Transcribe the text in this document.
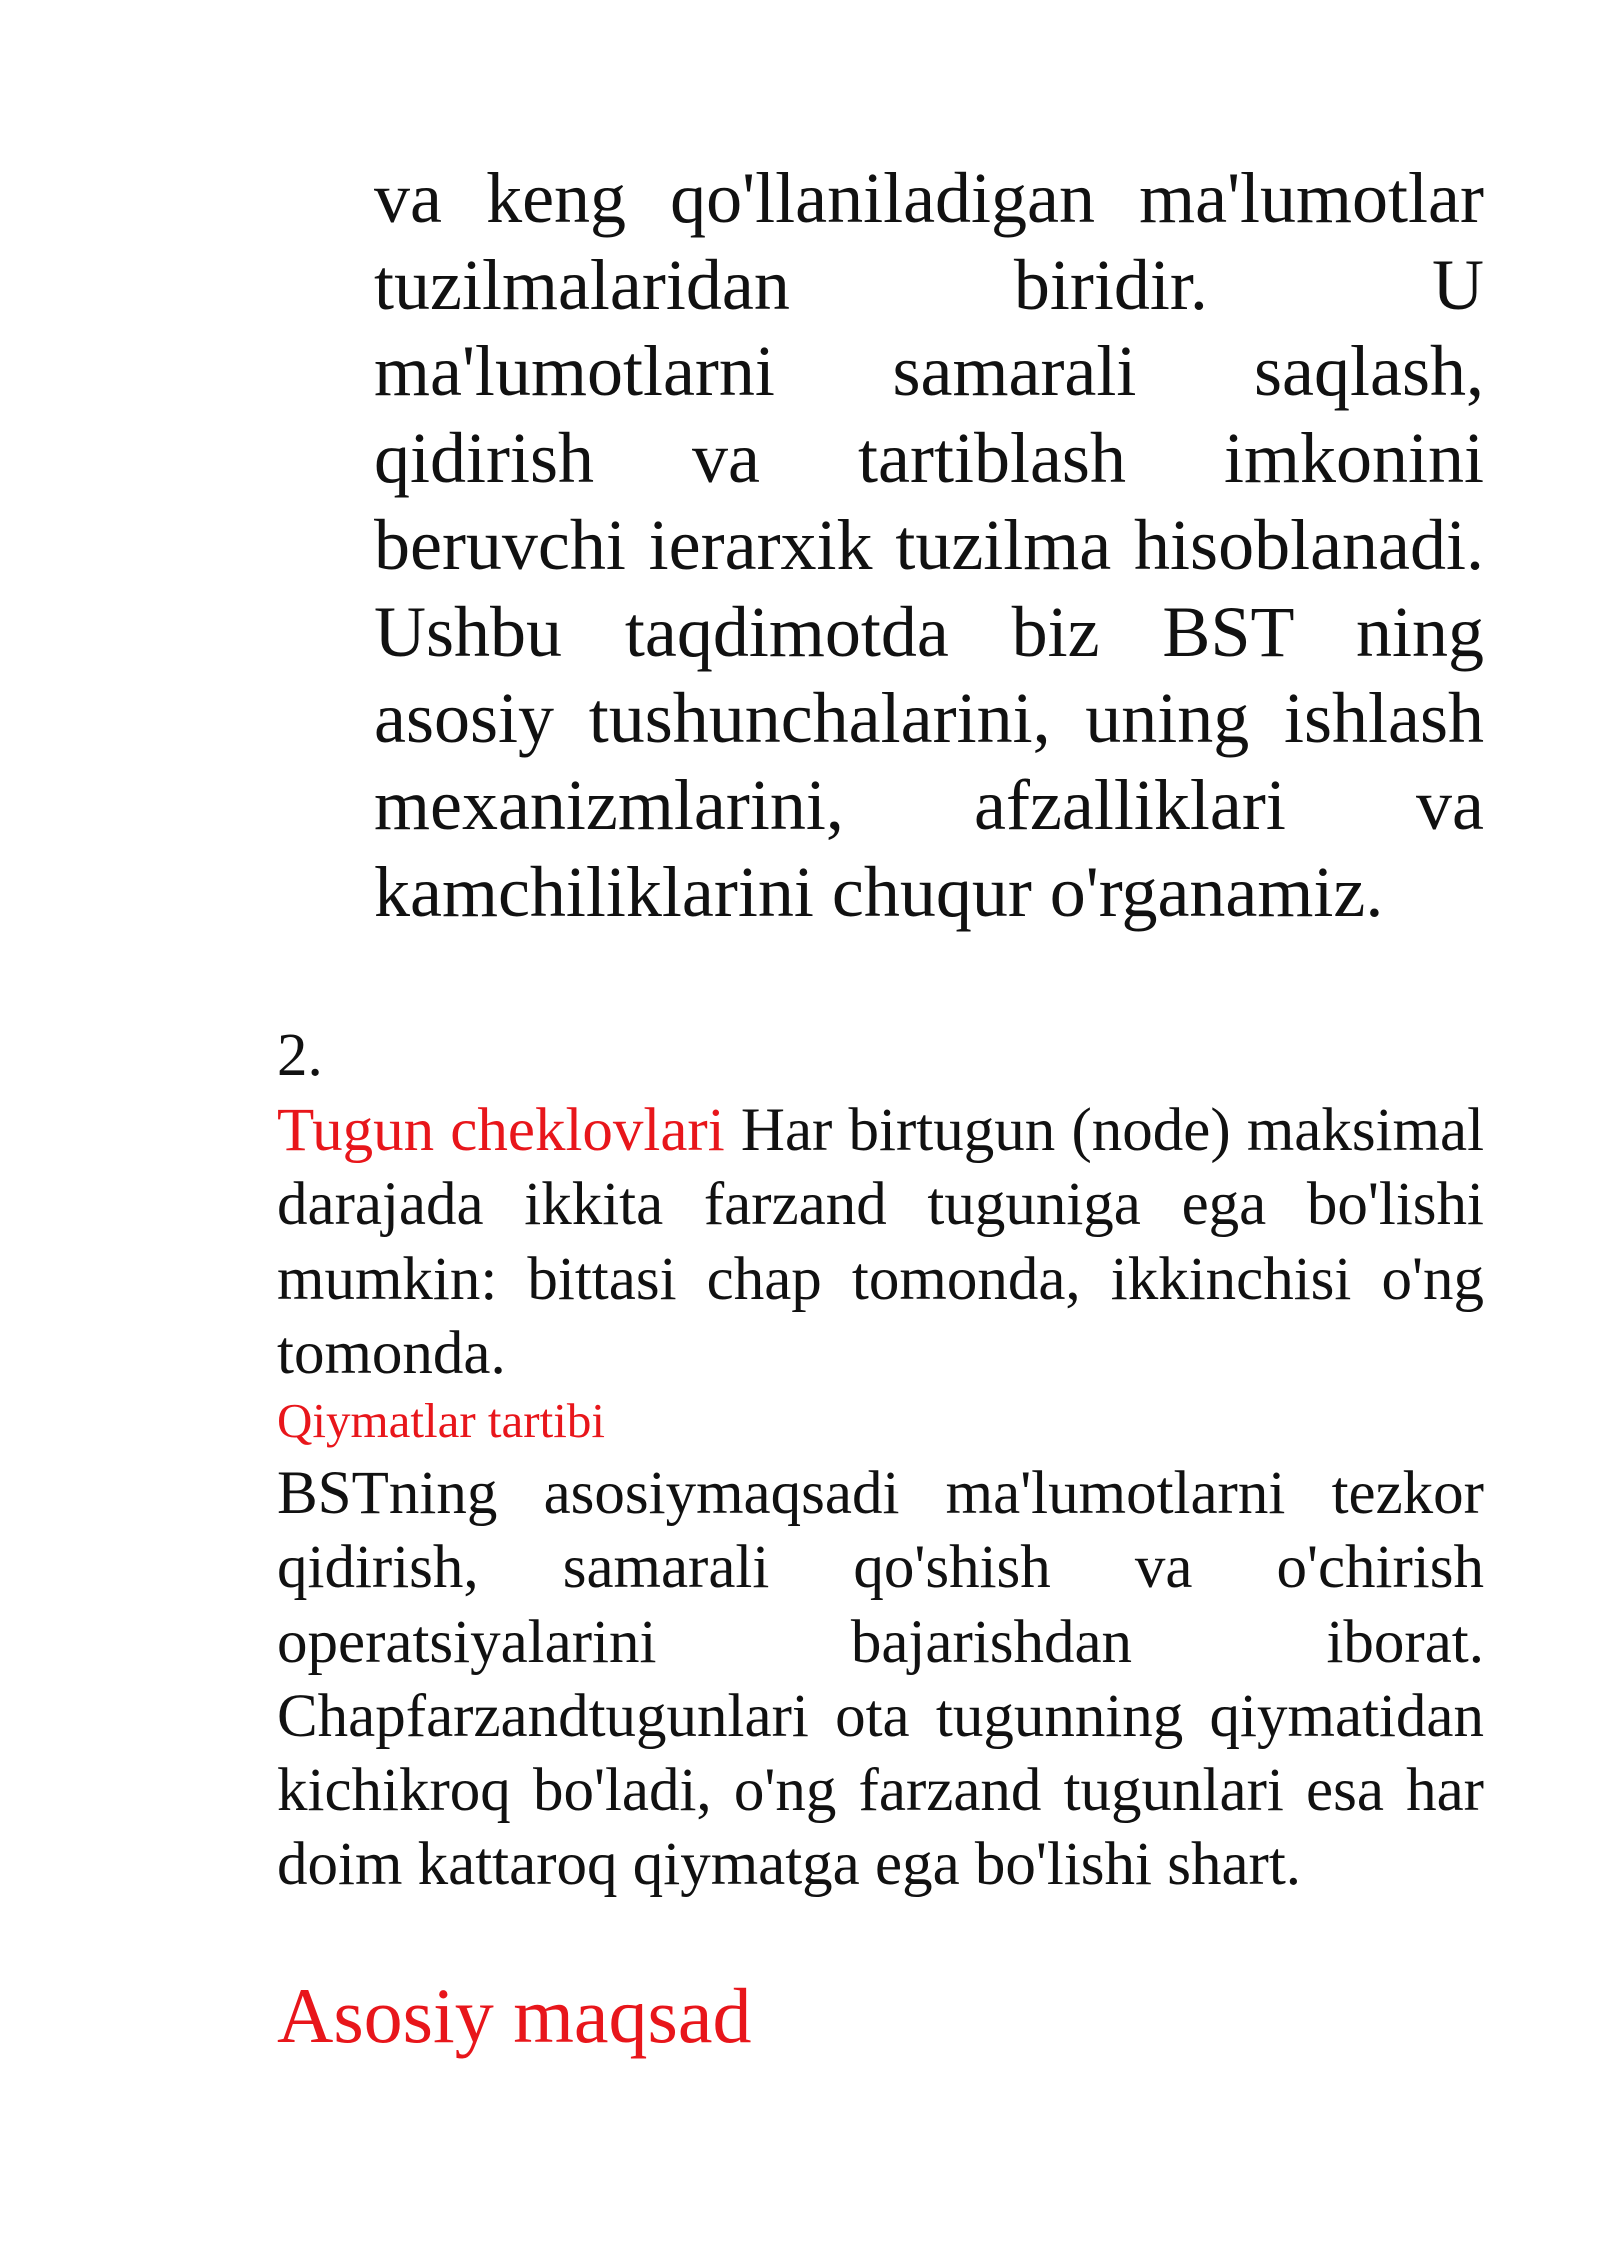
va keng qo'llaniladigan ma'lumotlar tuzilmalaridan biridir. U ma'lumotlarni samarali saqlash, qidirish va tartiblash imkonini beruvchi ierarxik tuzilma hisoblanadi. Ushbu taqdimotda biz BST ning asosiy tushunchalarini, uning ishlash mexanizmlarini, afzalliklari va kamchiliklarini chuqur o'rganamiz.

2.

Tugun cheklovlari Har birtugun (node) maksimal darajada ikkita farzand tuguniga ega bo'lishi mumkin: bittasi chap tomonda, ikkinchisi o'ng tomonda.

Qiymatlar tartibi

BSTning asosiymaqsadi ma'lumotlarni tezkor qidirish, samarali qo'shish va o'chirish operatsiyalarini bajarishdan iborat. Chapfarzandtugunlari ota tugunning qiymatidan kichikroq bo'ladi, o'ng farzand tugunlari esa har doim kattaroq qiymatga ega bo'lishi shart.

Asosiy maqsad
